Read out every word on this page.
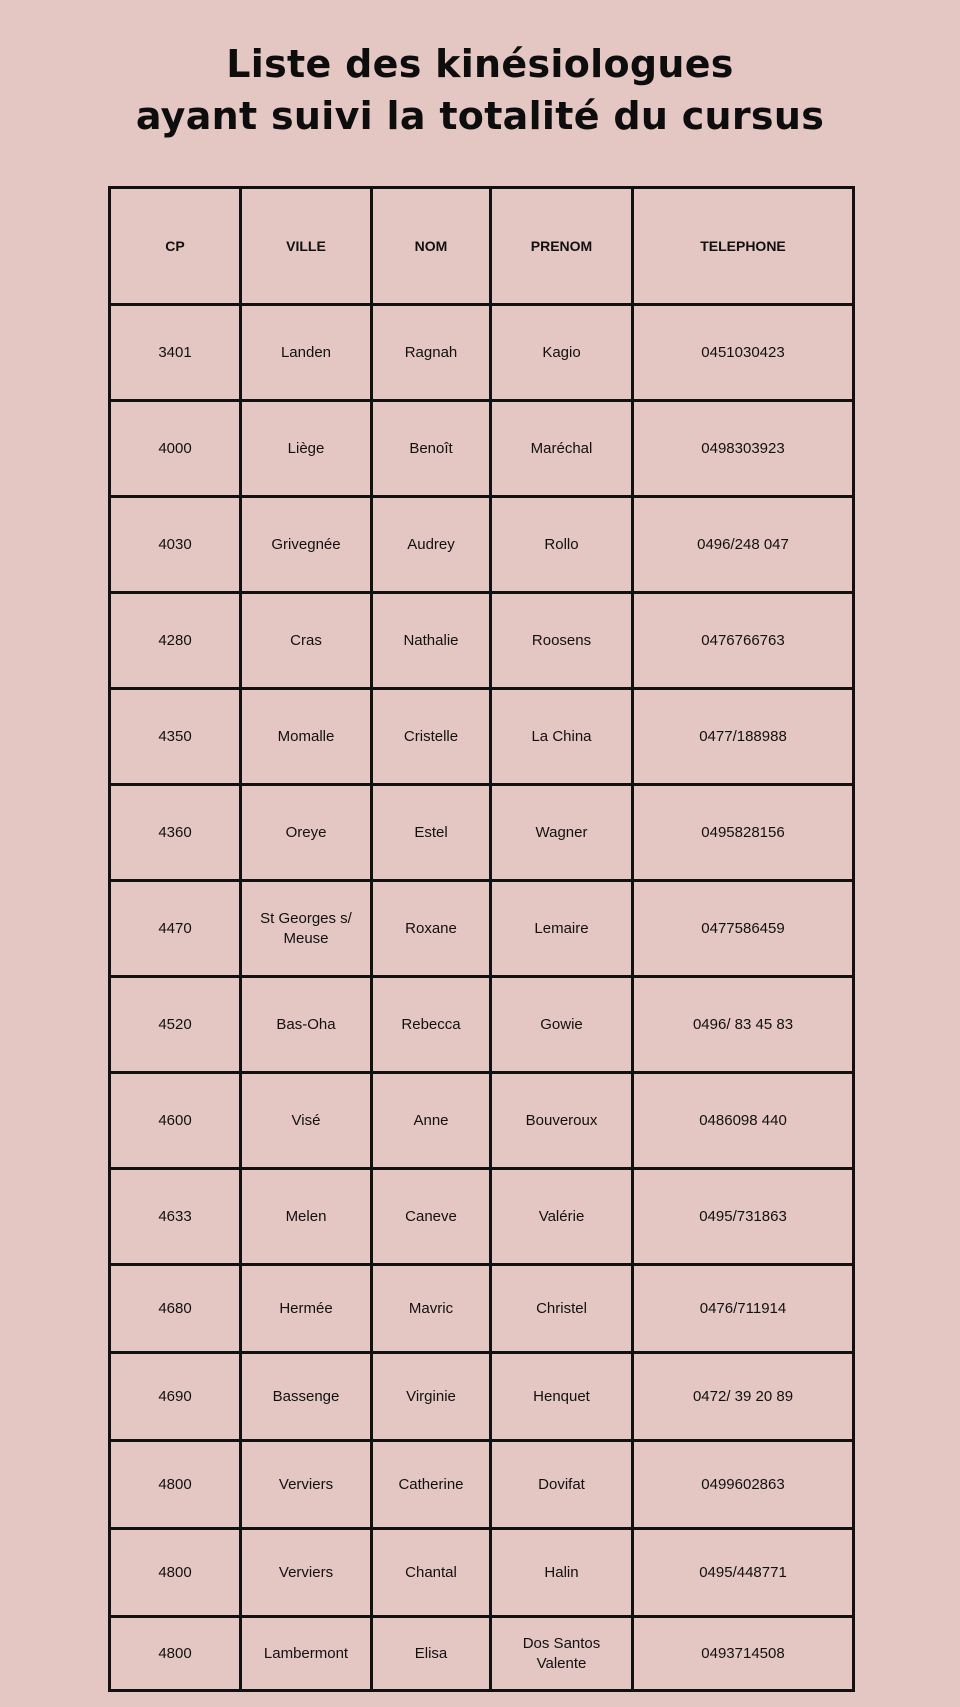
Liste des kinésiologues
ayant suivi la totalité du cursus
CP	VILLE	NOM	PRENOM	TELEPHONE
3401	Landen	Ragnah	Kagio	0451030423
4000	Liège	Benoît	Maréchal	0498303923
4030	Grivegnée	Audrey	Rollo	0496/248 047
4280	Cras	Nathalie	Roosens	0476766763
4350	Momalle	Cristelle	La China	0477/188988
4360	Oreye	Estel	Wagner	0495828156
4470	St Georges s/ Meuse	Roxane	Lemaire	0477586459
4520	Bas-Oha	Rebecca	Gowie	0496/ 83 45 83
4600	Visé	Anne	Bouveroux	0486098 440
4633	Melen	Caneve	Valérie	0495/731863
4680	Hermée	Mavric	Christel	0476/711914
4690	Bassenge	Virginie	Henquet	0472/ 39 20 89
4800	Verviers	Catherine	Dovifat	0499602863
4800	Verviers	Chantal	Halin	0495/448771
4800	Lambermont	Elisa	Dos Santos Valente	0493714508
